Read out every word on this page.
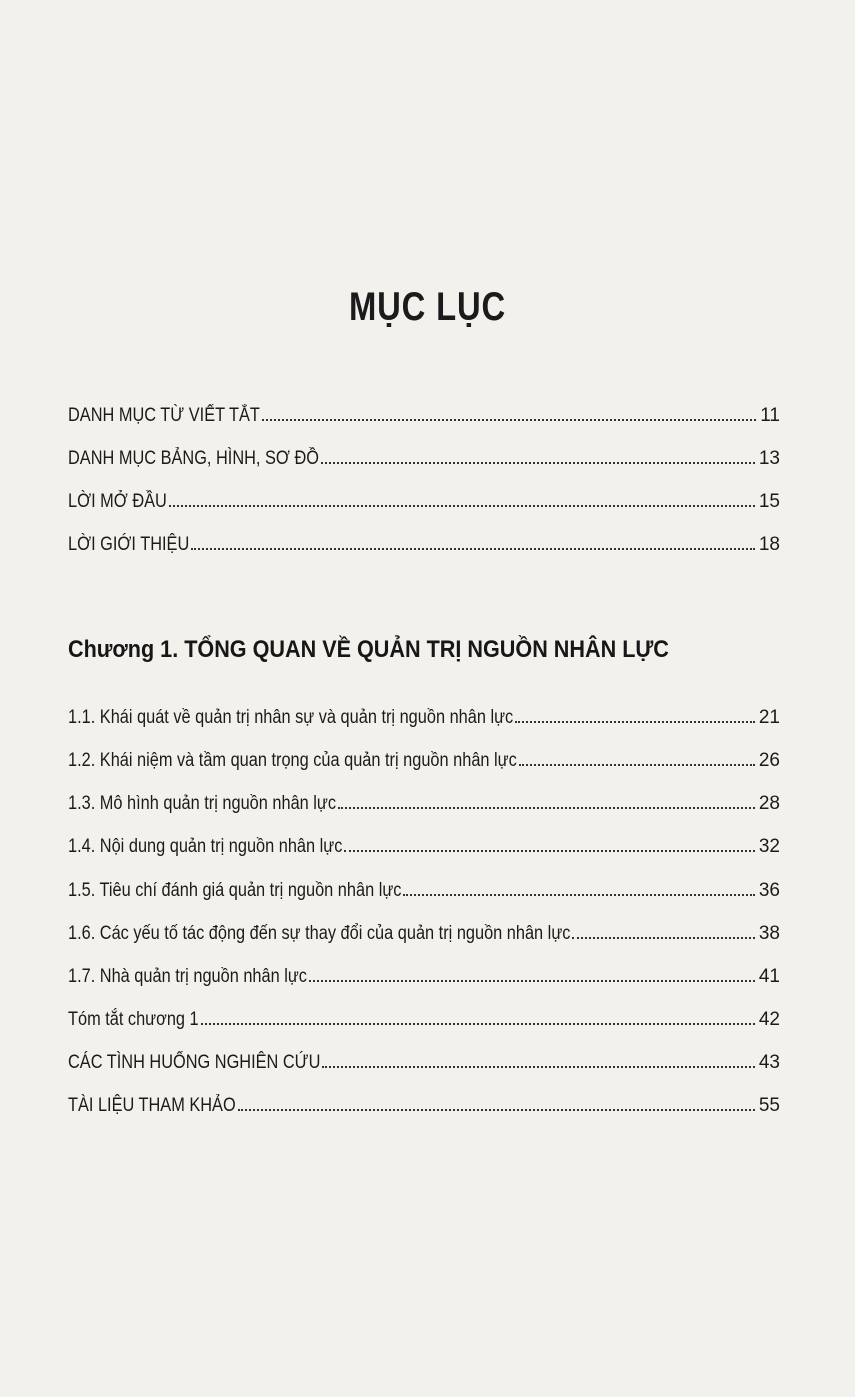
MỤC LỤC
DANH MỤC TỪ VIẾT TẮT	11
DANH MỤC BẢNG, HÌNH, SƠ ĐỒ	13
LỜI MỞ ĐẦU	15
LỜI GIỚI THIỆU	18
Chương 1. TỔNG QUAN VỀ QUẢN TRỊ NGUỒN NHÂN LỰC
1.1. Khái quát về quản trị nhân sự và quản trị nguồn nhân lực	21
1.2. Khái niệm và tầm quan trọng của quản trị nguồn nhân lực	26
1.3. Mô hình quản trị nguồn nhân lực	28
1.4. Nội dung quản trị nguồn nhân lực	32
1.5. Tiêu chí đánh giá quản trị nguồn nhân lực	36
1.6. Các yếu tố tác động đến sự thay đổi của quản trị nguồn nhân lực	38
1.7. Nhà quản trị nguồn nhân lực	41
Tóm tắt chương 1	42
CÁC TÌNH HUỐNG NGHIÊN CỨU	43
TÀI LIỆU THAM KHẢO	55
